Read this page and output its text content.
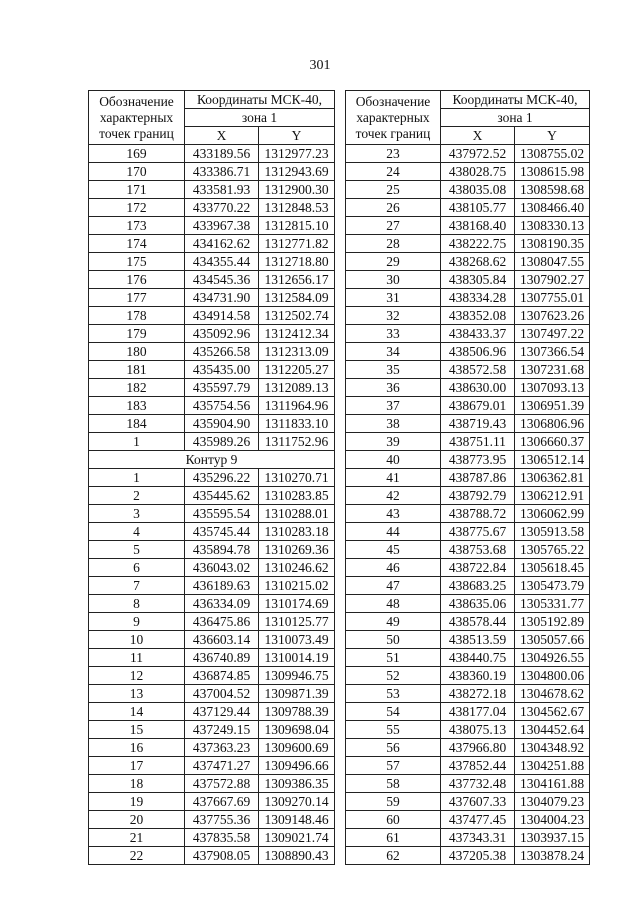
301
Обозначение
характерных
точек границ	Координаты МСК-40,	
	зона 1	
	X	Y
169	433189.56	1312977.23
170	433386.71	1312943.69
171	433581.93	1312900.30
172	433770.22	1312848.53
173	433967.38	1312815.10
174	434162.62	1312771.82
175	434355.44	1312718.80
176	434545.36	1312656.17
177	434731.90	1312584.09
178	434914.58	1312502.74
179	435092.96	1312412.34
180	435266.58	1312313.09
181	435435.00	1312205.27
182	435597.79	1312089.13
183	435754.56	1311964.96
184	435904.90	1311833.10
1	435989.26	1311752.96
Контур 9		
1	435296.22	1310270.71
2	435445.62	1310283.85
3	435595.54	1310288.01
4	435745.44	1310283.18
5	435894.78	1310269.36
6	436043.02	1310246.62
7	436189.63	1310215.02
8	436334.09	1310174.69
9	436475.86	1310125.77
10	436603.14	1310073.49
11	436740.89	1310014.19
12	436874.85	1309946.75
13	437004.52	1309871.39
14	437129.44	1309788.39
15	437249.15	1309698.04
16	437363.23	1309600.69
17	437471.27	1309496.66
18	437572.88	1309386.35
19	437667.69	1309270.14
20	437755.36	1309148.46
21	437835.58	1309021.74
22	437908.05	1308890.43
Обозначение
характерных
точек границ	Координаты МСК-40,	
	зона 1	
	X	Y
23	437972.52	1308755.02
24	438028.75	1308615.98
25	438035.08	1308598.68
26	438105.77	1308466.40
27	438168.40	1308330.13
28	438222.75	1308190.35
29	438268.62	1308047.55
30	438305.84	1307902.27
31	438334.28	1307755.01
32	438352.08	1307623.26
33	438433.37	1307497.22
34	438506.96	1307366.54
35	438572.58	1307231.68
36	438630.00	1307093.13
37	438679.01	1306951.39
38	438719.43	1306806.96
39	438751.11	1306660.37
40	438773.95	1306512.14
41	438787.86	1306362.81
42	438792.79	1306212.91
43	438788.72	1306062.99
44	438775.67	1305913.58
45	438753.68	1305765.22
46	438722.84	1305618.45
47	438683.25	1305473.79
48	438635.06	1305331.77
49	438578.44	1305192.89
50	438513.59	1305057.66
51	438440.75	1304926.55
52	438360.19	1304800.06
53	438272.18	1304678.62
54	438177.04	1304562.67
55	438075.13	1304452.64
56	437966.80	1304348.92
57	437852.44	1304251.88
58	437732.48	1304161.88
59	437607.33	1304079.23
60	437477.45	1304004.23
61	437343.31	1303937.15
62	437205.38	1303878.24
